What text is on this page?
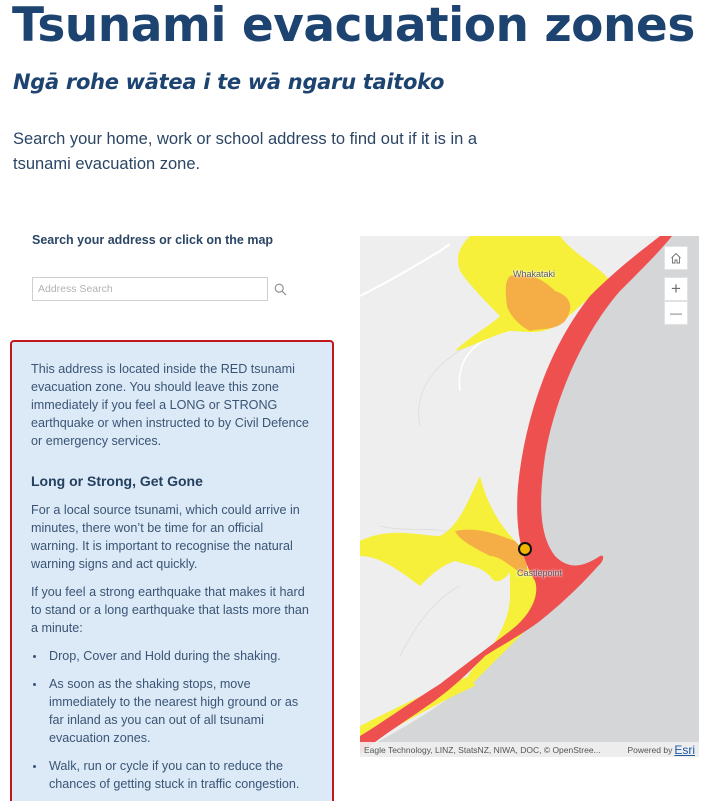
Tsunami evacuation zones
Ngā rohe wātea i te wā ngaru taitoko

Search your home, work or school address to find out if it is in a tsunami evacuation zone.

Search your address or click on the map
Address Search

This address is located inside the RED tsunami evacuation zone. You should leave this zone immediately if you feel a LONG or STRONG earthquake or when instructed to by Civil Defence or emergency services.

Long or Strong, Get Gone

For a local source tsunami, which could arrive in minutes, there won’t be time for an official warning. It is important to recognise the natural warning signs and act quickly.

If you feel a strong earthquake that makes it hard to stand or a long earthquake that lasts more than a minute:

Drop, Cover and Hold during the shaking.
As soon as the shaking stops, move immediately to the nearest high ground or as far inland as you can out of all tsunami evacuation zones.
Walk, run or cycle if you can to reduce the chances of getting stuck in traffic congestion.
Whakataki
Castlepoint
+
—
Eagle Technology, LINZ, StatsNZ, NIWA, DOC, © OpenStree...	Powered by Esri
